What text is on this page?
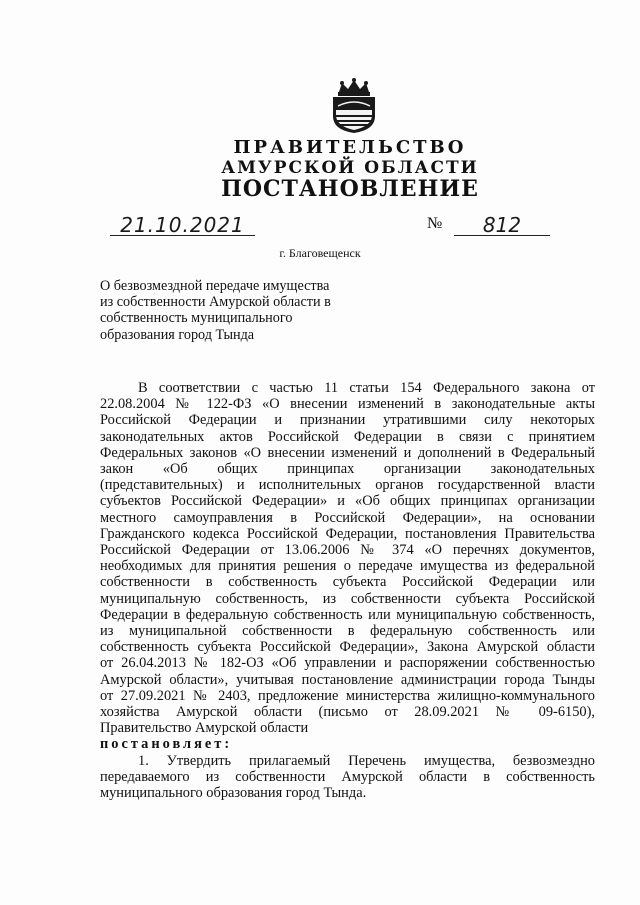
ПРАВИТЕЛЬСТВО
АМУРСКОЙ ОБЛАСТИ
ПОСТАНОВЛЕНИЕ
21.10.2021	№	812
г. Благовещенск
О безвозмездной передаче имущества
из собственности Амурской области в
собственность муниципального
образования город Тында
В соответствии с частью 11 статьи 154 Федерального закона от
22.08.2004 № 122-ФЗ «О внесении изменений в законодательные акты
Российской Федерации и признании утратившими силу некоторых
законодательных актов Российской Федерации в связи с принятием
Федеральных законов «О внесении изменений и дополнений в Федеральный
закон «Об общих принципах организации законодательных
(представительных) и исполнительных органов государственной власти
субъектов Российской Федерации» и «Об общих принципах организации
местного самоуправления в Российской Федерации», на основании
Гражданского кодекса Российской Федерации, постановления Правительства
Российской Федерации от 13.06.2006 № 374 «О перечнях документов,
необходимых для принятия решения о передаче имущества из федеральной
собственности в собственность субъекта Российской Федерации или
муниципальную собственность, из собственности субъекта Российской
Федерации в федеральную собственность или муниципальную собственность,
из муниципальной собственности в федеральную собственность или
собственность субъекта Российской Федерации», Закона Амурской области
от 26.04.2013 № 182-ОЗ «Об управлении и распоряжении собственностью
Амурской области», учитывая постановление администрации города Тынды
от 27.09.2021 № 2403, предложение министерства жилищно-коммунального
хозяйства Амурской области (письмо от 28.09.2021 № 09-6150),
Правительство Амурской области
постановляет:
1. Утвердить прилагаемый Перечень имущества, безвозмездно
передаваемого из собственности Амурской области в собственность
муниципального образования город Тында.
